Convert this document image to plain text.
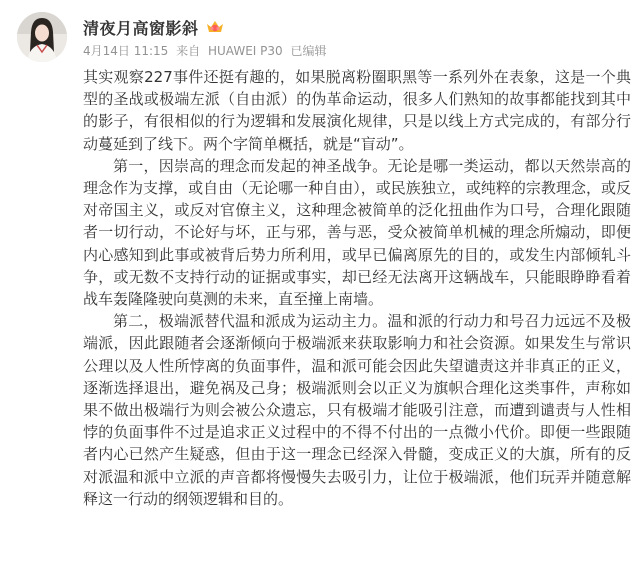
清夜月高窗影斜
4月14日 11:15 来自 HUAWEI P30 已编辑

其实观察227事件还挺有趣的，如果脱离粉圈职黑等一系列外在表象，这是一个典型的圣战或极端左派（自由派）的伪革命运动，很多人们熟知的故事都能找到其中的影子，有很相似的行为逻辑和发展演化规律，只是以线上方式完成的，有部分行动蔓延到了线下。两个字简单概括，就是“盲动”。

第一，因崇高的理念而发起的神圣战争。无论是哪一类运动，都以天然崇高的理念作为支撑，或自由（无论哪一种自由），或民族独立，或纯粹的宗教理念，或反对帝国主义，或反对官僚主义，这种理念被简单的泛化扭曲作为口号，合理化跟随者一切行动，不论好与坏，正与邪，善与恶，受众被简单机械的理念所煽动，即便内心感知到此事或被背后势力所利用，或早已偏离原先的目的，或发生内部倾轧斗争，或无数不支持行动的证据或事实，却已经无法离开这辆战车，只能眼睁睁看着战车轰隆隆驶向莫测的未来，直至撞上南墙。

第二，极端派替代温和派成为运动主力。温和派的行动力和号召力远远不及极端派，因此跟随者会逐渐倾向于极端派来获取影响力和社会资源。如果发生与常识公理以及人性所悖离的负面事件，温和派可能会因此失望谴责这并非真正的正义，逐渐选择退出，避免祸及己身；极端派则会以正义为旗帜合理化这类事件，声称如果不做出极端行为则会被公众遗忘，只有极端才能吸引注意，而遭到谴责与人性相悖的负面事件不过是追求正义过程中的不得不付出的一点微小代价。即便一些跟随者内心已然产生疑惑，但由于这一理念已经深入骨髓，变成正义的大旗，所有的反对派温和派中立派的声音都将慢慢失去吸引力，让位于极端派，他们玩弄并随意解释这一行动的纲领逻辑和目的。
